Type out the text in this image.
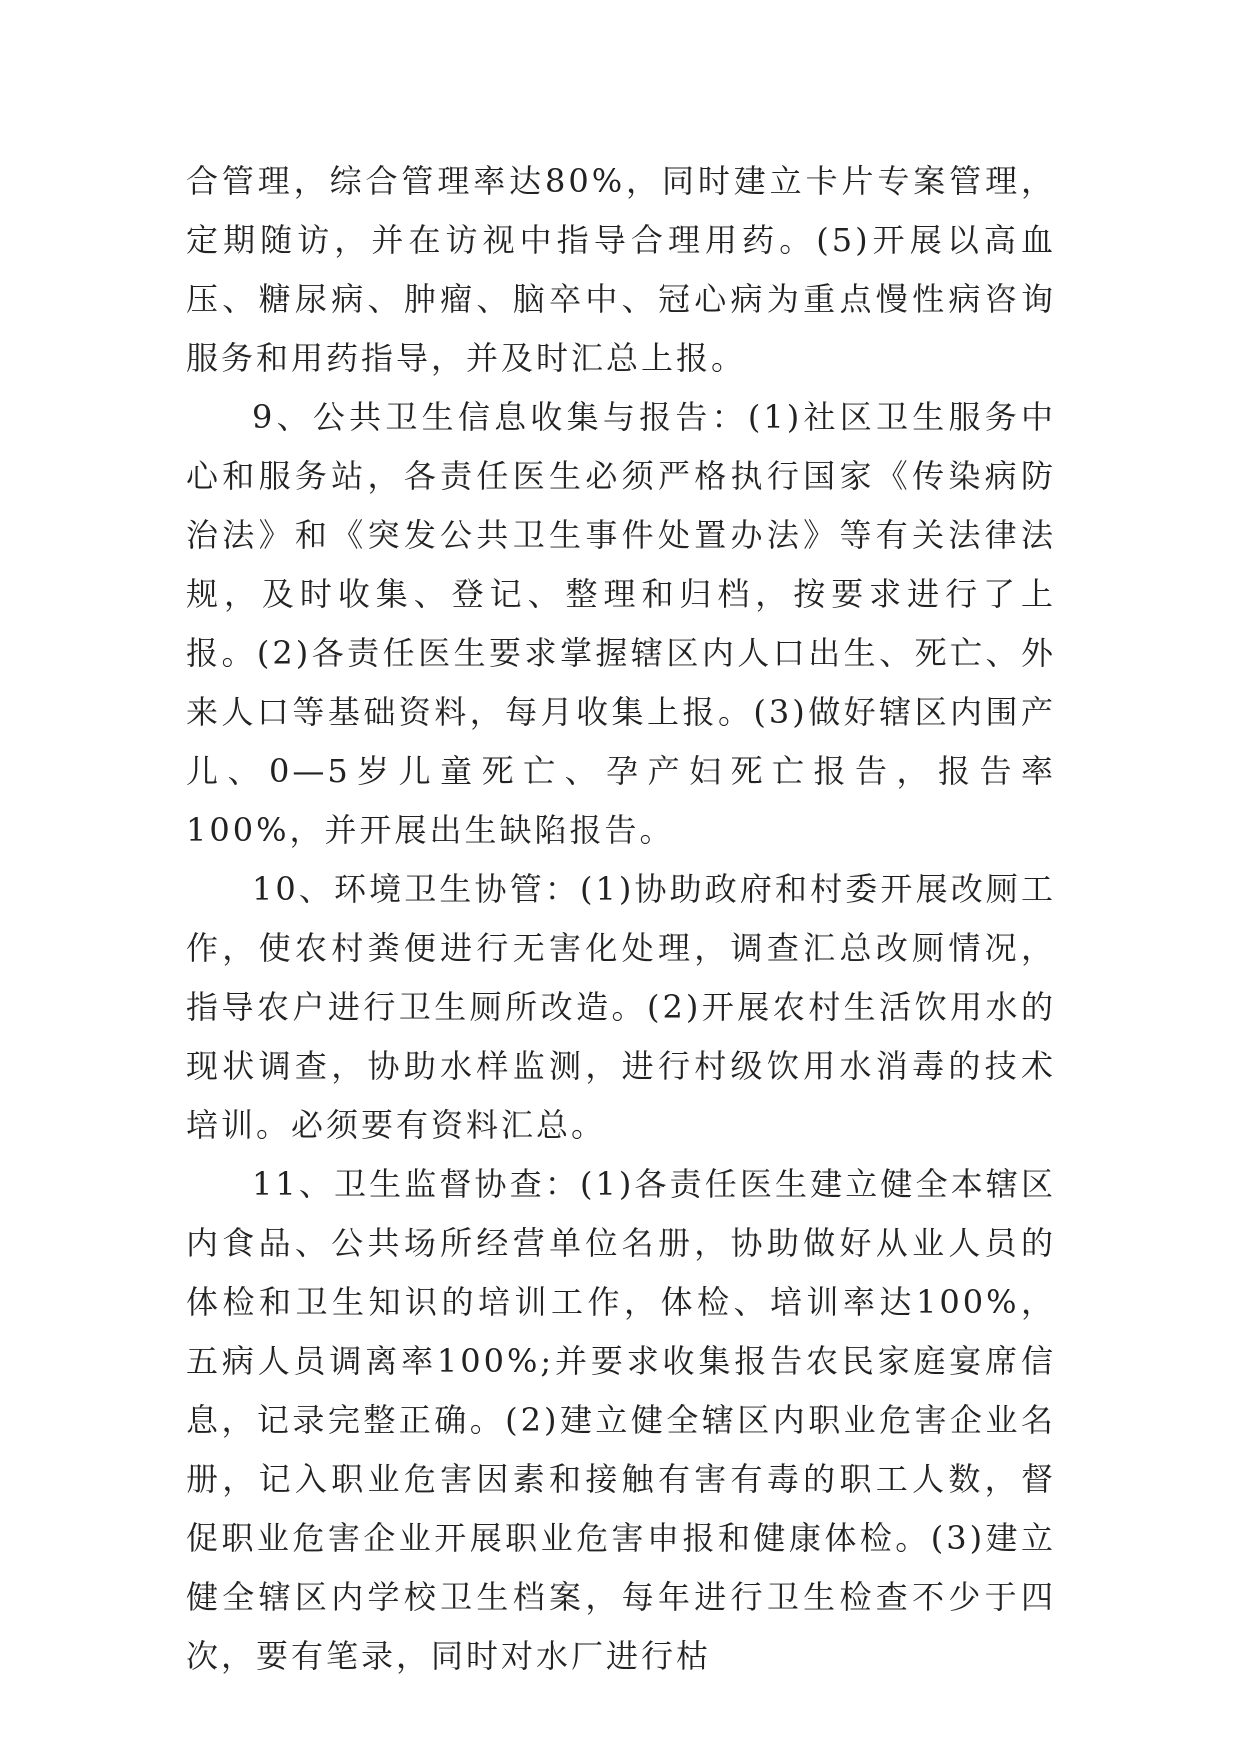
合管理，综合管理率达80%，同时建立卡片专案管理，定期随访，并在访视中指导合理用药。(5)开展以高血压、糖尿病、肿瘤、脑卒中、冠心病为重点慢性病咨询服务和用药指导，并及时汇总上报。

9、公共卫生信息收集与报告：(1)社区卫生服务中心和服务站，各责任医生必须严格执行国家《传染病防治法》和《突发公共卫生事件处置办法》等有关法律法规，及时收集、登记、整理和归档，按要求进行了上报。(2)各责任医生要求掌握辖区内人口出生、死亡、外来人口等基础资料，每月收集上报。(3)做好辖区内围产儿、0—5岁儿童死亡、孕产妇死亡报告，报告率100%，并开展出生缺陷报告。

10、环境卫生协管：(1)协助政府和村委开展改厕工作，使农村粪便进行无害化处理，调查汇总改厕情况，指导农户进行卫生厕所改造。(2)开展农村生活饮用水的现状调查，协助水样监测，进行村级饮用水消毒的技术培训。必须要有资料汇总。

11、卫生监督协查：(1)各责任医生建立健全本辖区内食品、公共场所经营单位名册，协助做好从业人员的体检和卫生知识的培训工作，体检、培训率达100%，五病人员调离率100%;并要求收集报告农民家庭宴席信息，记录完整正确。(2)建立健全辖区内职业危害企业名册，记入职业危害因素和接触有害有毒的职工人数，督促职业危害企业开展职业危害申报和健康体检。(3)建立健全辖区内学校卫生档案，每年进行卫生检查不少于四次，要有笔录，同时对水厂进行枯
